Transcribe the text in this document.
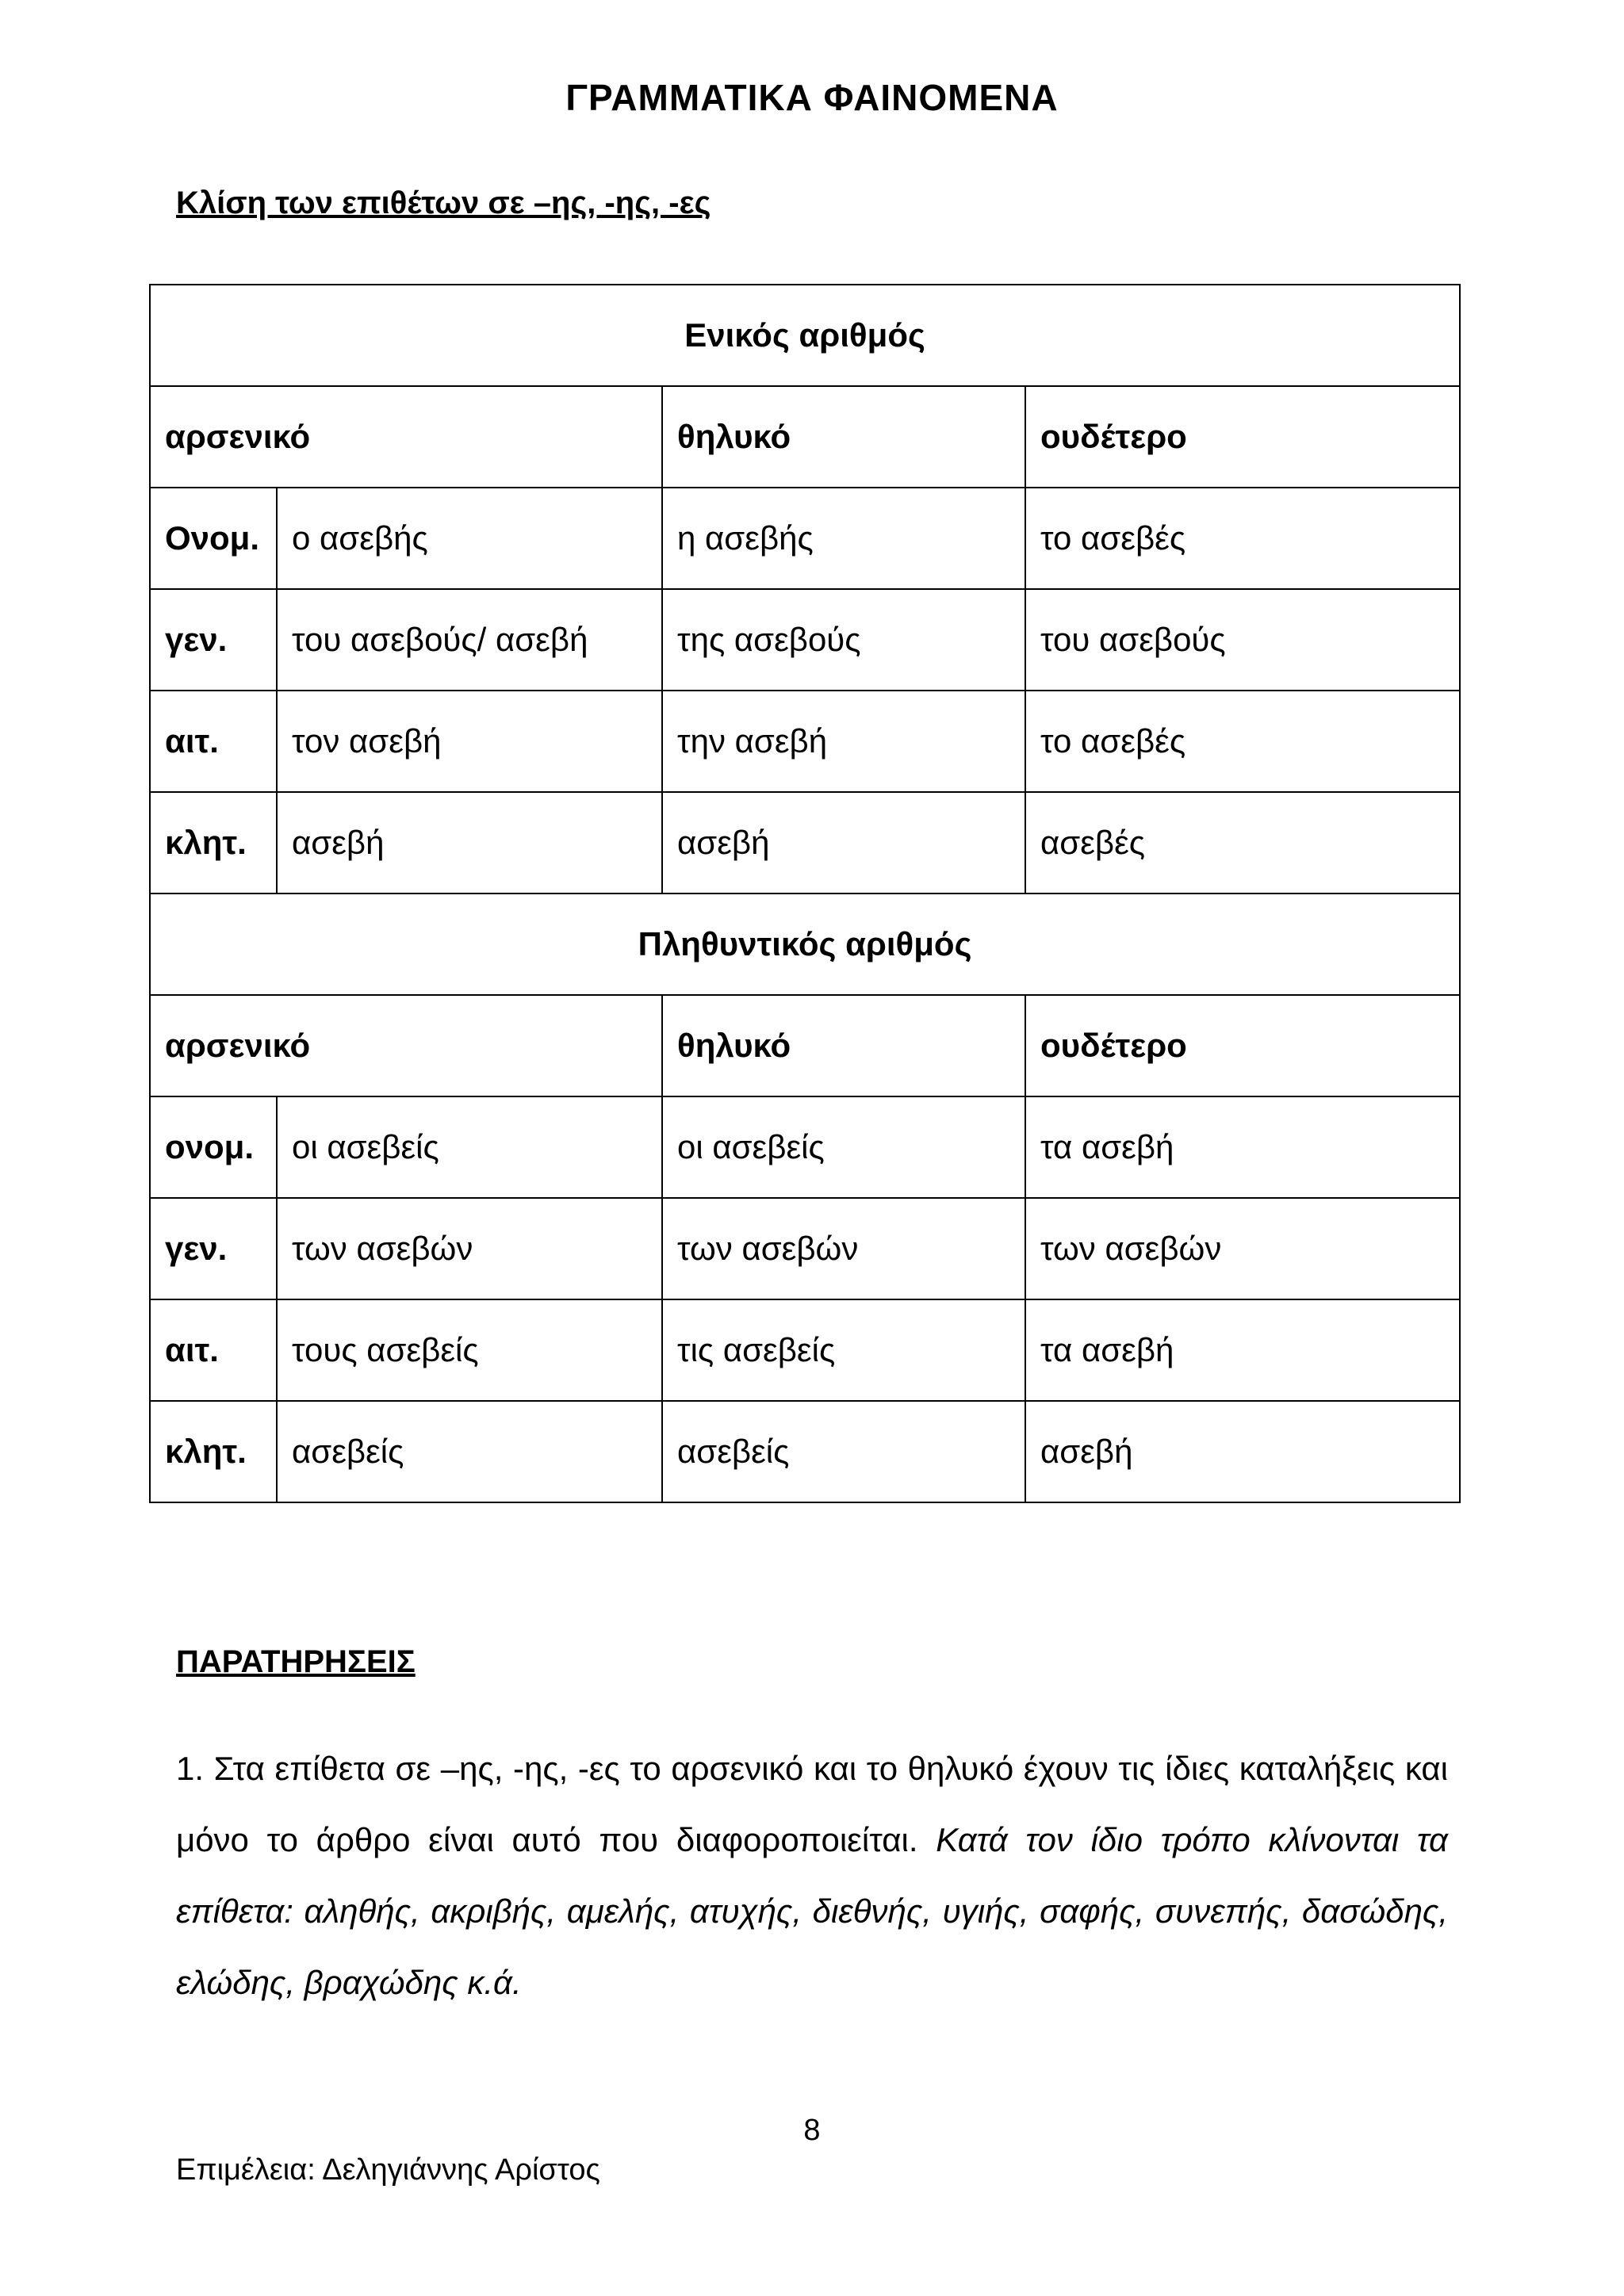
ΓΡΑΜΜΑΤΙΚΑ ΦΑΙΝΟΜΕΝΑ
Κλίση των επιθέτων σε –ης, -ης, -ες
Ενικός αριθμός			
αρσενικό		θηλυκό	ουδέτερο
Ονομ.	ο ασεβής	η ασεβής	το ασεβές
γεν.	του ασεβούς/ ασεβή	της ασεβούς	του ασεβούς
αιτ.	τον ασεβή	την ασεβή	το ασεβές
κλητ.	ασεβή	ασεβή	ασεβές
Πληθυντικός αριθμός			
αρσενικό		θηλυκό	ουδέτερο
ονομ.	οι ασεβείς	οι ασεβείς	τα ασεβή
γεν.	των ασεβών	των ασεβών	των ασεβών
αιτ.	τους ασεβείς	τις ασεβείς	τα ασεβή
κλητ.	ασεβείς	ασεβείς	ασεβή
ΠΑΡΑΤΗΡΗΣΕΙΣ
1. Στα επίθετα σε –ης, -ης, -ες το αρσενικό και το θηλυκό έχουν τις ίδιες καταλήξεις και μόνο το άρθρο είναι αυτό που διαφοροποιείται. Κατά τον ίδιο τρόπο κλίνονται τα επίθετα: αληθής, ακριβής, αμελής, ατυχής, διεθνής, υγιής, σαφής, συνεπής, δασώδης, ελώδης, βραχώδης κ.ά.
8
Επιμέλεια: Δεληγιάννης Αρίστος
